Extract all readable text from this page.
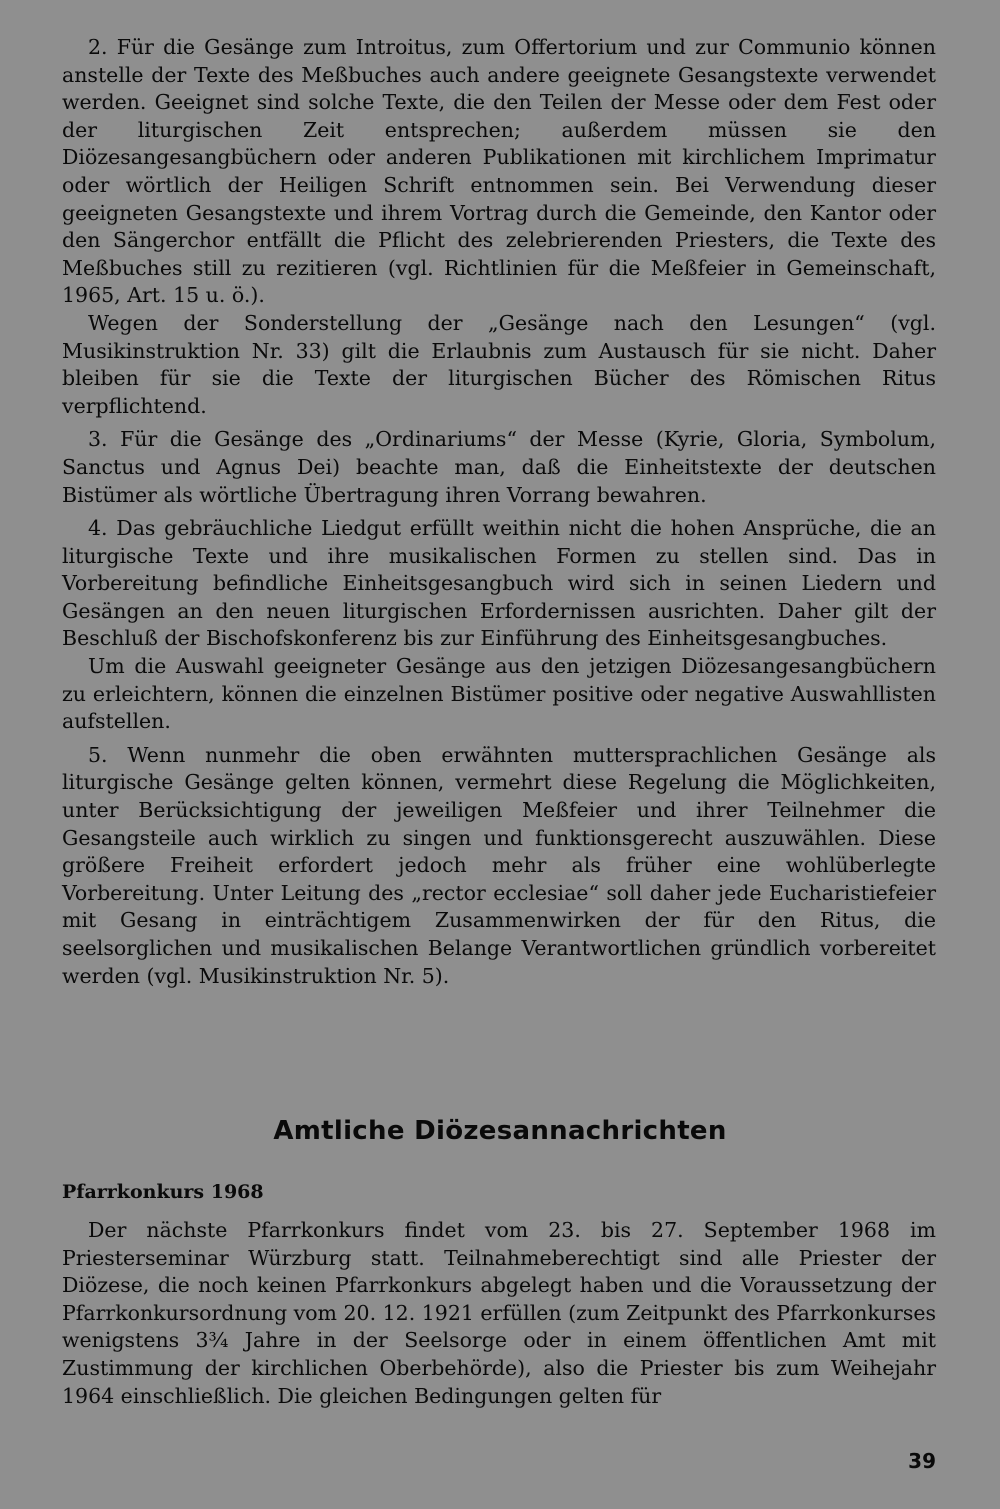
2. Für die Gesänge zum Introitus, zum Offertorium und zur Communio können anstelle der Texte des Meßbuches auch andere geeignete Gesangstexte verwendet werden. Geeignet sind solche Texte, die den Teilen der Messe oder dem Fest oder der liturgischen Zeit entsprechen; außerdem müssen sie den Diözesangesangbüchern oder anderen Publikationen mit kirchlichem Imprimatur oder wörtlich der Heiligen Schrift entnommen sein. Bei Verwendung dieser geeigneten Gesangstexte und ihrem Vortrag durch die Gemeinde, den Kantor oder den Sängerchor entfällt die Pflicht des zelebrierenden Priesters, die Texte des Meßbuches still zu rezitieren (vgl. Richtlinien für die Meßfeier in Gemeinschaft, 1965, Art. 15 u. ö.).

Wegen der Sonderstellung der „Gesänge nach den Lesungen“ (vgl. Musikinstruktion Nr. 33) gilt die Erlaubnis zum Austausch für sie nicht. Daher bleiben für sie die Texte der liturgischen Bücher des Römischen Ritus verpflichtend.

3. Für die Gesänge des „Ordinariums“ der Messe (Kyrie, Gloria, Symbolum, Sanctus und Agnus Dei) beachte man, daß die Einheitstexte der deutschen Bistümer als wörtliche Übertragung ihren Vorrang bewahren.

4. Das gebräuchliche Liedgut erfüllt weithin nicht die hohen Ansprüche, die an liturgische Texte und ihre musikalischen Formen zu stellen sind. Das in Vorbereitung befindliche Einheitsgesangbuch wird sich in seinen Liedern und Gesängen an den neuen liturgischen Erfordernissen ausrichten. Daher gilt der Beschluß der Bischofskonferenz bis zur Einführung des Einheitsgesangbuches.

Um die Auswahl geeigneter Gesänge aus den jetzigen Diözesangesangbüchern zu erleichtern, können die einzelnen Bistümer positive oder negative Auswahllisten aufstellen.

5. Wenn nunmehr die oben erwähnten muttersprachlichen Gesänge als liturgische Gesänge gelten können, vermehrt diese Regelung die Möglichkeiten, unter Berücksichtigung der jeweiligen Meßfeier und ihrer Teilnehmer die Gesangsteile auch wirklich zu singen und funktionsgerecht auszuwählen. Diese größere Freiheit erfordert jedoch mehr als früher eine wohlüberlegte Vorbereitung. Unter Leitung des „rector ecclesiae“ soll daher jede Eucharistiefeier mit Gesang in einträchtigem Zusammenwirken der für den Ritus, die seelsorglichen und musikalischen Belange Verantwortlichen gründlich vorbereitet werden (vgl. Musikinstruktion Nr. 5).

Amtliche Diözesannachrichten
Pfarrkonkurs 1968

Der nächste Pfarrkonkurs findet vom 23. bis 27. September 1968 im Priesterseminar Würzburg statt. Teilnahmeberechtigt sind alle Priester der Diözese, die noch keinen Pfarrkonkurs abgelegt haben und die Voraussetzung der Pfarrkonkursordnung vom 20. 12. 1921 erfüllen (zum Zeitpunkt des Pfarrkonkurses wenigstens 3¾ Jahre in der Seelsorge oder in einem öffentlichen Amt mit Zustimmung der kirchlichen Oberbehörde), also die Priester bis zum Weihejahr 1964 einschließlich. Die gleichen Bedingungen gelten für

39
